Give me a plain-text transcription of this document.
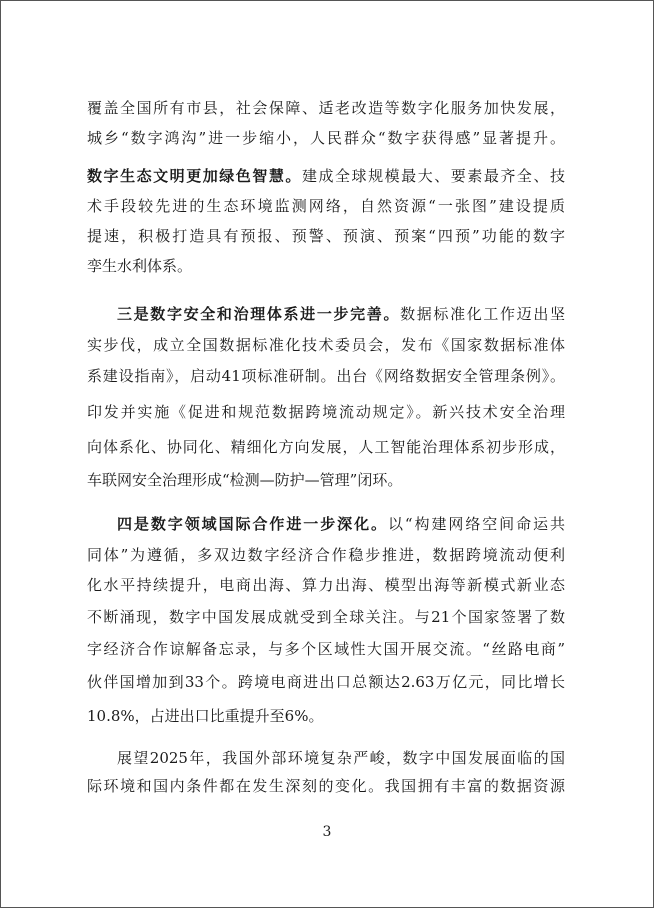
覆盖全国所有市县，社会保障、适老改造等数字化服务加快发展，
城乡“数字鸿沟”进一步缩小，人民群众“数字获得感”显著提升。
数字生态文明更加绿色智慧。建成全球规模最大、要素最齐全、技
术手段较先进的生态环境监测网络，自然资源“一张图”建设提质
提速，积极打造具有预报、预警、预演、预案“四预”功能的数字
孪生水利体系。
三是数字安全和治理体系进一步完善。数据标准化工作迈出坚
实步伐，成立全国数据标准化技术委员会，发布《国家数据标准体
系建设指南》，启动41项标准研制。出台《网络数据安全管理条例》。
印发并实施《促进和规范数据跨境流动规定》。新兴技术安全治理
向体系化、协同化、精细化方向发展，人工智能治理体系初步形成，
车联网安全治理形成“检测—防护—管理”闭环。
四是数字领域国际合作进一步深化。以“构建网络空间命运共
同体”为遵循，多双边数字经济合作稳步推进，数据跨境流动便利
化水平持续提升，电商出海、算力出海、模型出海等新模式新业态
不断涌现，数字中国发展成就受到全球关注。与21个国家签署了数
字经济合作谅解备忘录，与多个区域性大国开展交流。“丝路电商”
伙伴国增加到33个。跨境电商进出口总额达2.63万亿元，同比增长
10.8%，占进出口比重提升至6%。
展望2025年，我国外部环境复杂严峻，数字中国发展面临的国
际环境和国内条件都在发生深刻的变化。我国拥有丰富的数据资源
3
